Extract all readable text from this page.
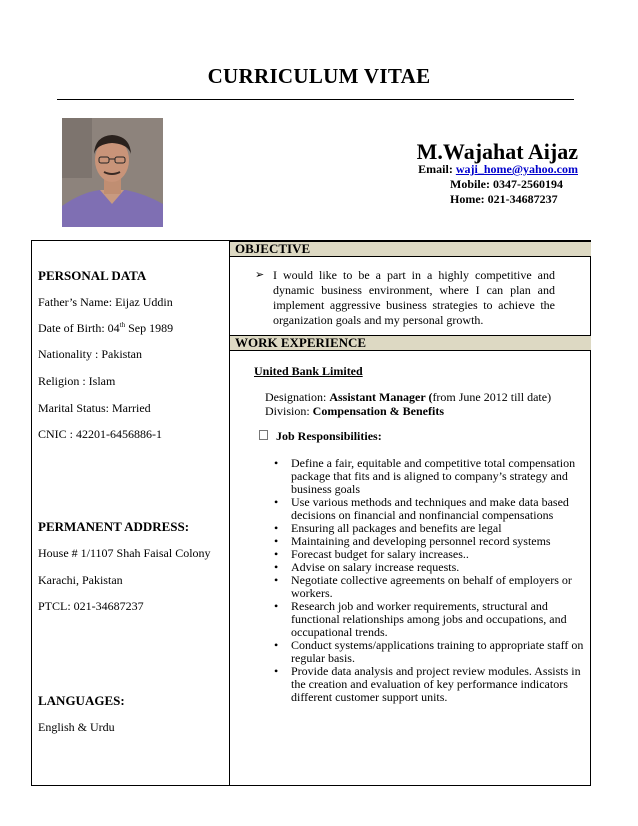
CURRICULUM VITAE
M.Wajahat Aijaz
Email: waji_home@yahoo.com
Mobile: 0347-2560194
Home: 021-34687237
PERSONAL DATA
Father’s Name: Eijaz Uddin
Date of Birth: 04th Sep 1989
Nationality : Pakistan
Religion : Islam
Marital Status: Married
CNIC : 42201-6456886-1
PERMANENT ADDRESS:
House # 1/1107 Shah Faisal Colony
Karachi, Pakistan
PTCL: 021-34687237
LANGUAGES:
English & Urdu
OBJECTIVE
➢ I would like to be a part in a highly competitive and dynamic business environment, where I can plan and implement aggressive business strategies to achieve the organization goals and my personal growth.
WORK EXPERIENCE
United Bank Limited
Designation: Assistant Manager (from June 2012 till date)
Division: Compensation & Benefits
Job Responsibilities:
• Define a fair, equitable and competitive total compensation package that fits and is aligned to company’s strategy and business goals
• Use various methods and techniques and make data based decisions on financial and nonfinancial compensations
• Ensuring all packages and benefits are legal
• Maintaining and developing personnel record systems
• Forecast budget for salary increases..
• Advise on salary increase requests.
• Negotiate collective agreements on behalf of employers or workers.
• Research job and worker requirements, structural and functional relationships among jobs and occupations, and occupational trends.
• Conduct systems/applications training to appropriate staff on regular basis.
• Provide data analysis and project review modules. Assists in the creation and evaluation of key performance indicators different customer support units.
